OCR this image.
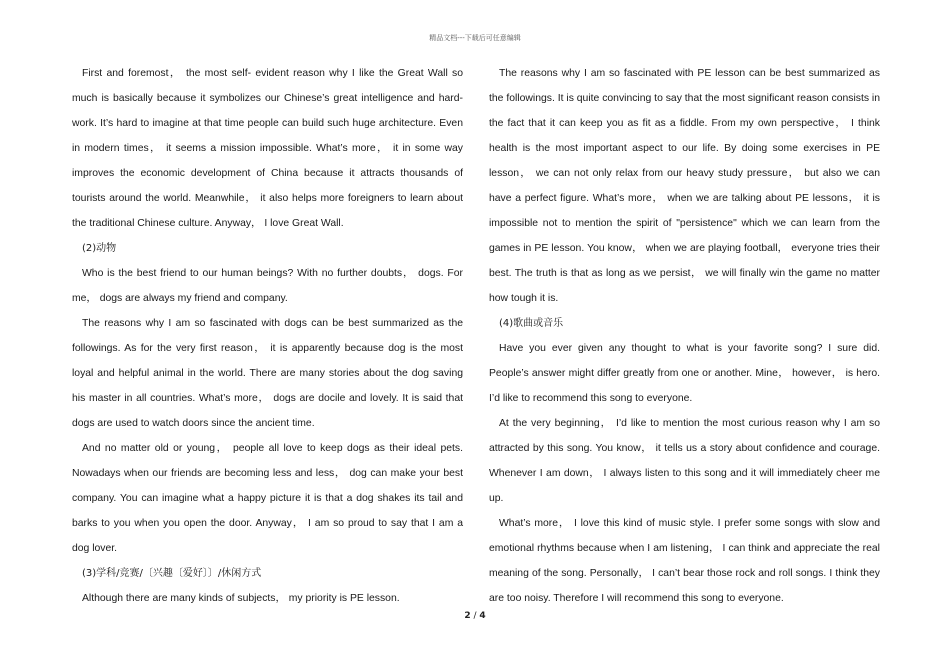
精品文档---下载后可任意编辑

First and foremost， the most self- evident reason why I like the Great Wall so much is basically because it symbolizes our Chinese’s great intelligence and hard-work. It’s hard to imagine at that time people can build such huge architecture. Even in modern times， it seems a mission impossible. What’s more， it in some way improves the economic development of China because it attracts thousands of tourists around the world. Meanwhile， it also helps more foreigners to learn about the traditional Chinese culture. Anyway， I love Great Wall.

(2)动物

Who is the best friend to our human beings? With no further doubts， dogs. For me， dogs are always my friend and company.

The reasons why I am so fascinated with dogs can be best summarized as the followings. As for the very first reason， it is apparently because dog is the most loyal and helpful animal in the world. There are many stories about the dog saving his master in all countries. What’s more， dogs are docile and lovely. It is said that dogs are used to watch doors since the ancient time.

And no matter old or young， people all love to keep dogs as their ideal pets. Nowadays when our friends are becoming less and less， dog can make your best company. You can imagine what a happy picture it is that a dog shakes its tail and barks to you when you open the door. Anyway， I am so proud to say that I am a dog lover.

(3)学科/竞赛/〔兴趣〔爱好〕〕/休闲方式

Although there are many kinds of subjects， my priority is PE lesson.

The reasons why I am so fascinated with PE lesson can be best summarized as the followings. It is quite convincing to say that the most significant reason consists in the fact that it can keep you as fit as a fiddle. From my own perspective， I think health is the most important aspect to our life. By doing some exercises in PE lesson， we can not only relax from our heavy study pressure， but also we can have a perfect figure. What’s more， when we are talking about PE lessons， it is impossible not to mention the spirit of "persistence" which we can learn from the games in PE lesson. You know， when we are playing football， everyone tries their best. The truth is that as long as we persist， we will finally win the game no matter how tough it is.

(4)歌曲或音乐

Have you ever given any thought to what is your favorite song? I sure did. People’s answer might differ greatly from one or another. Mine， however， is hero. I’d like to recommend this song to everyone.

At the very beginning， I’d like to mention the most curious reason why I am so attracted by this song. You know， it tells us a story about confidence and courage. Whenever I am down， I always listen to this song and it will immediately cheer me up.

What’s more， I love this kind of music style. I prefer some songs with slow and emotional rhythms because when I am listening， I can think and appreciate the real meaning of the song. Personally， I can’t bear those rock and roll songs. I think they are too noisy. Therefore I will recommend this song to everyone.

2 / 4
